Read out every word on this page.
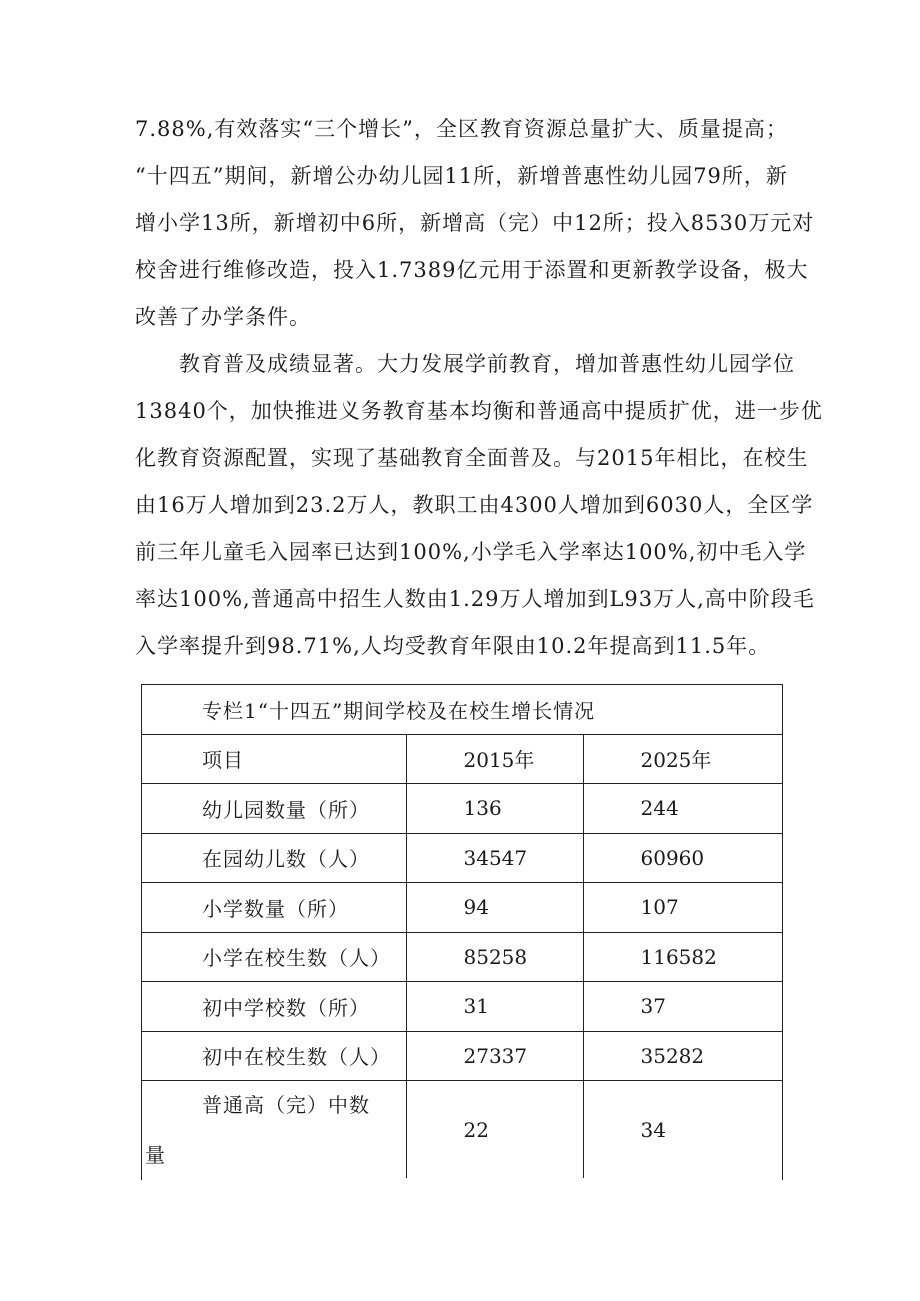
7.88%,有效落实“三个增长”，全区教育资源总量扩大、质量提高；
“十四五”期间，新增公办幼儿园11所，新增普惠性幼儿园79所，新
增小学13所，新增初中6所，新增高（完）中12所；投入8530万元对
校舍进行维修改造，投入1.7389亿元用于添置和更新教学设备，极大
改善了办学条件。

　　教育普及成绩显著。大力发展学前教育，增加普惠性幼儿园学位
13840个，加快推进义务教育基本均衡和普通高中提质扩优，进一步优
化教育资源配置，实现了基础教育全面普及。与2015年相比，在校生
由16万人增加到23.2万人，教职工由4300人增加到6030人，全区学
前三年儿童毛入园率已达到100%,小学毛入学率达100%,初中毛入学
率达100%,普通高中招生人数由1.29万人增加到L93万人,高中阶段毛
入学率提升到98.71%,人均受教育年限由10.2年提高到11.5年。

专栏1“十四五”期间学校及在校生增长情况		
项目	2015年	2025年
幼儿园数量（所）	136	244
在园幼儿数（人）	34547	60960
小学数量（所）	94	107
小学在校生数（人）	85258	116582
初中学校数（所）	31	37
初中在校生数（人）	27337	35282

普通高（完）中数
量	22	34
